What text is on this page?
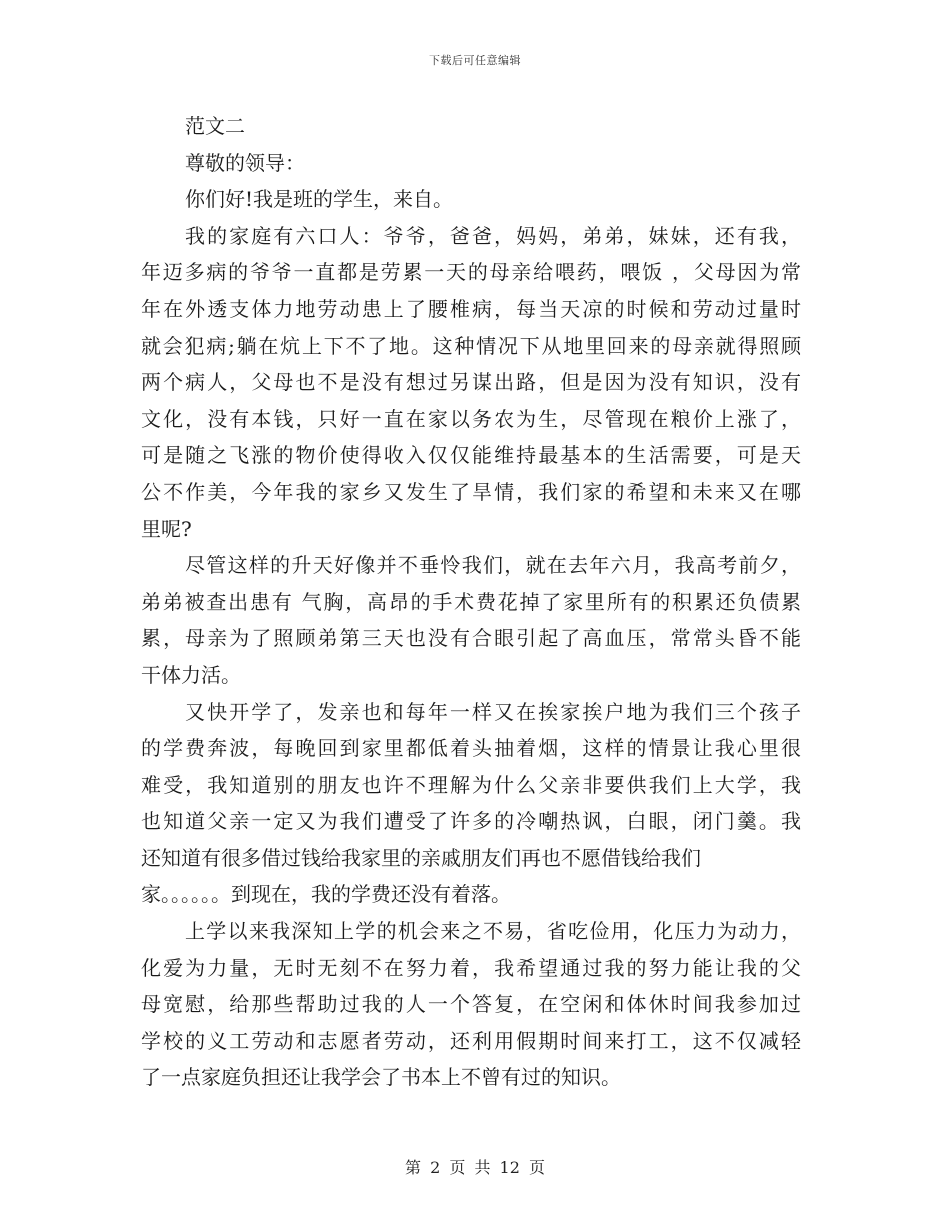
下载后可任意编辑

范文二

尊敬的领导：

你们好!我是班的学生，来自。

我的家庭有六口人：爷爷，爸爸，妈妈，弟弟，妹妹，还有我，
年迈多病的爷爷一直都是劳累一天的母亲给喂药，喂饭 ，父母因为常
年在外透支体力地劳动患上了腰椎病，每当天凉的时候和劳动过量时
就会犯病;躺在炕上下不了地。这种情况下从地里回来的母亲就得照顾
两个病人，父母也不是没有想过另谋出路，但是因为没有知识，没有
文化，没有本钱，只好一直在家以务农为生，尽管现在粮价上涨了，
可是随之飞涨的物价使得收入仅仅能维持最基本的生活需要，可是天
公不作美，今年我的家乡又发生了旱情，我们家的希望和未来又在哪
里呢?

尽管这样的升天好像并不垂怜我们，就在去年六月，我高考前夕，
弟弟被查出患有 气胸，高昂的手术费花掉了家里所有的积累还负债累
累，母亲为了照顾弟第三天也没有合眼引起了高血压，常常头昏不能
干体力活。

又快开学了，发亲也和每年一样又在挨家挨户地为我们三个孩子
的学费奔波，每晚回到家里都低着头抽着烟，这样的情景让我心里很
难受，我知道别的朋友也许不理解为什么父亲非要供我们上大学，我
也知道父亲一定又为我们遭受了许多的冷嘲热讽，白眼，闭门羹。我
还知道有很多借过钱给我家里的亲戚朋友们再也不愿借钱给我们
家。。。。。。到现在，我的学费还没有着落。

上学以来我深知上学的机会来之不易，省吃俭用，化压力为动力，
化爱为力量，无时无刻不在努力着，我希望通过我的努力能让我的父
母宽慰，给那些帮助过我的人一个答复，在空闲和体休时间我参加过
学校的义工劳动和志愿者劳动，还利用假期时间来打工，这不仅减轻
了一点家庭负担还让我学会了书本上不曾有过的知识。

第 2 页 共 12 页
